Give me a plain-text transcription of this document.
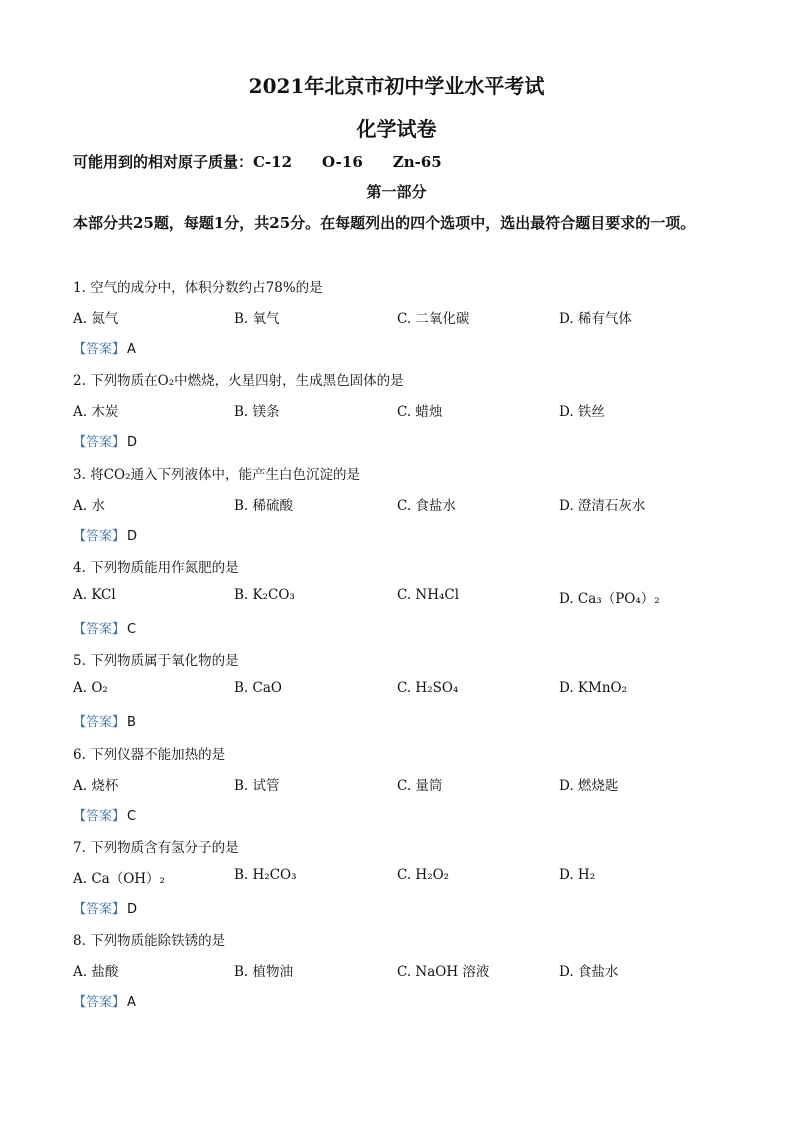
2021年北京市初中学业水平考试
化学试卷
可能用到的相对原子质量：C-12　　O-16　　Zn-65
第一部分
本部分共25题，每题1分，共25分。在每题列出的四个选项中，选出最符合题目要求的一项。
1. 空气的成分中，体积分数约占78%的是
A. 氮气	B. 氧气	C. 二氧化碳	D. 稀有气体
【答案】 A
2. 下列物质在O₂中燃烧，火星四射，生成黑色固体的是
A. 木炭	B. 镁条	C. 蜡烛	D. 铁丝
【答案】 D
3. 将CO₂通入下列液体中，能产生白色沉淀的是
A. 水	B. 稀硫酸	C. 食盐水	D. 澄清石灰水
【答案】 D
4. 下列物质能用作氮肥的是
A. KCl	B. K₂CO₃	C. NH₄Cl	D. Ca₃（PO₄）₂
【答案】 C
5. 下列物质属于氧化物的是
A. O₂	B. CaO	C. H₂SO₄	D. KMnO₂
【答案】 B
6. 下列仪器不能加热的是
A. 烧杯	B. 试管	C. 量筒	D. 燃烧匙
【答案】 C
7. 下列物质含有氢分子的是
A. Ca（OH）₂	B. H₂CO₃	C. H₂O₂	D. H₂
【答案】 D
8. 下列物质能除铁锈的是
A. 盐酸	B. 植物油	C. NaOH 溶液	D. 食盐水
【答案】 A
